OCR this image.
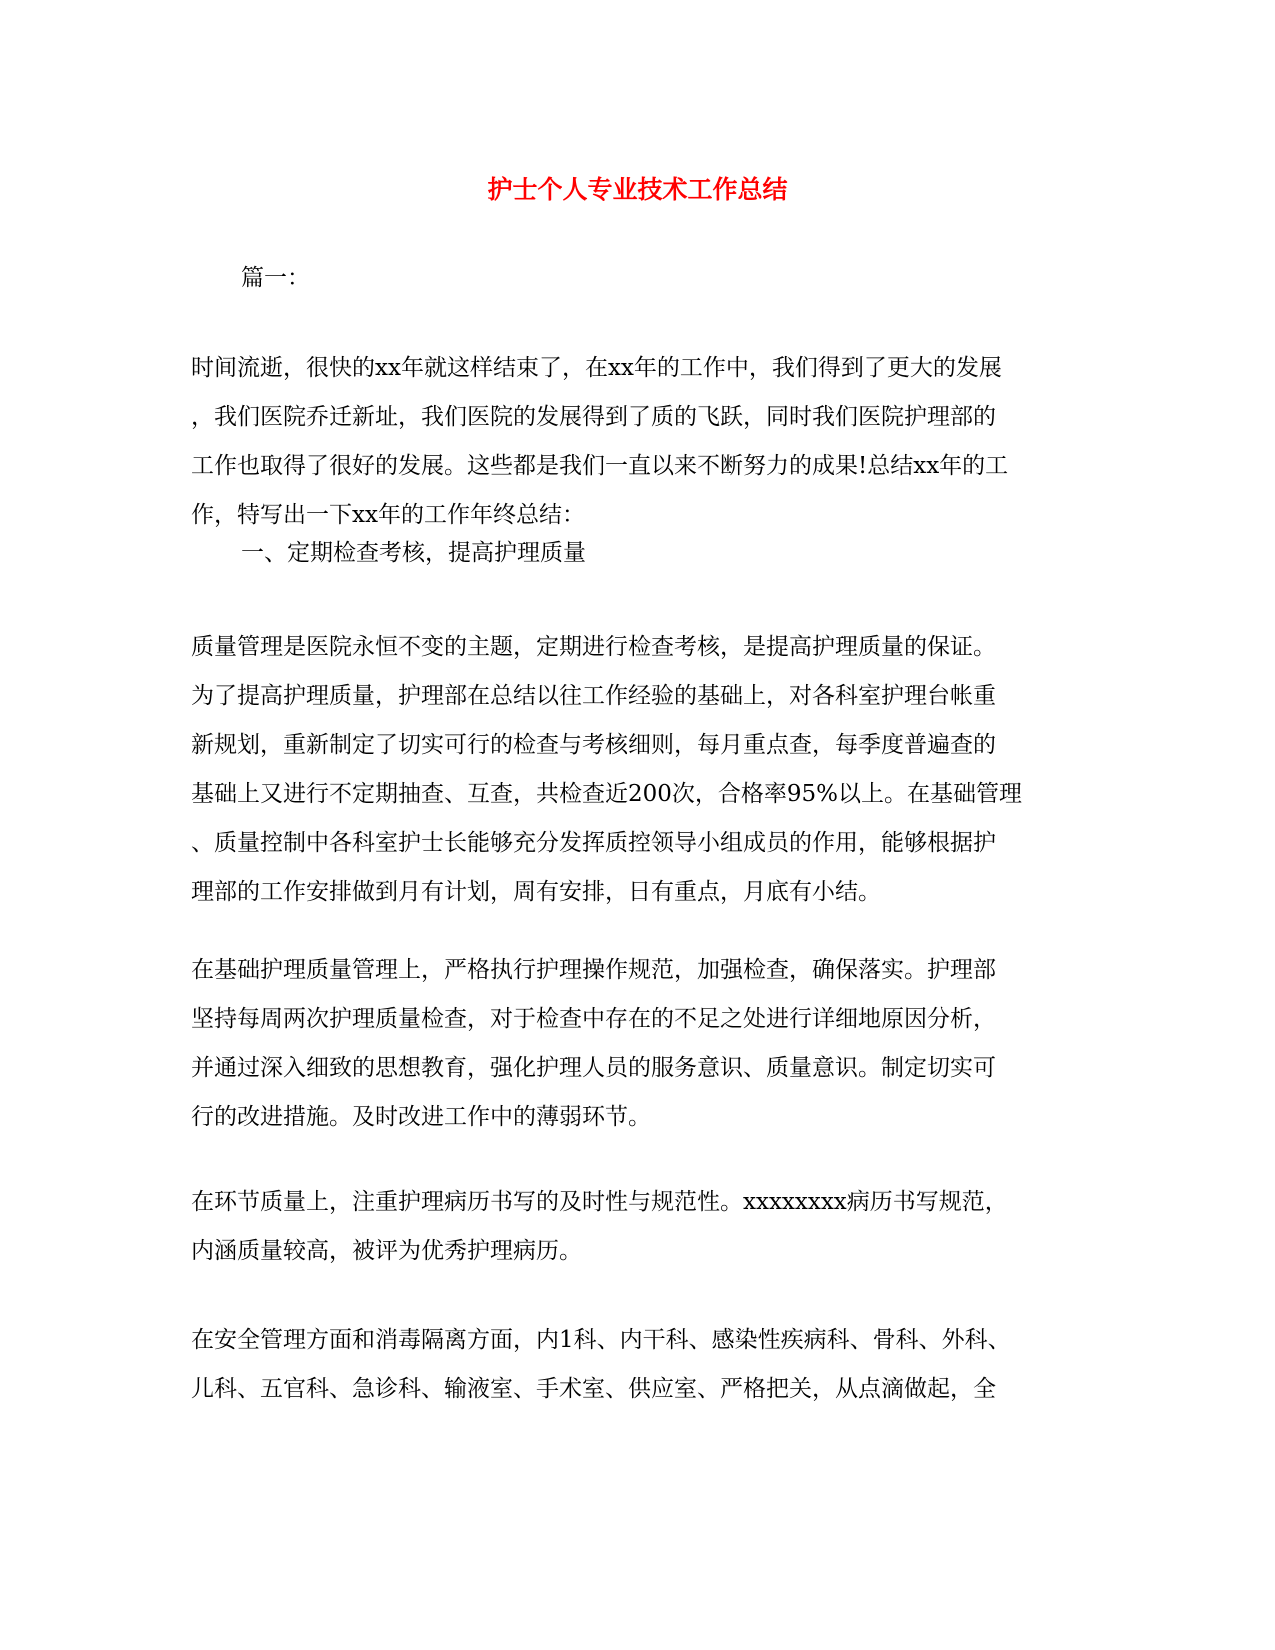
护士个人专业技术工作总结

篇一：

时间流逝，很快的xx年就这样结束了，在xx年的工作中，我们得到了更大的发展
，我们医院乔迁新址，我们医院的发展得到了质的飞跃，同时我们医院护理部的
工作也取得了很好的发展。这些都是我们一直以来不断努力的成果!总结xx年的工
作，特写出一下xx年的工作年终总结：

一、定期检查考核，提高护理质量

质量管理是医院永恒不变的主题，定期进行检查考核，是提高护理质量的保证。
为了提高护理质量，护理部在总结以往工作经验的基础上，对各科室护理台帐重
新规划，重新制定了切实可行的检查与考核细则，每月重点查，每季度普遍查的
基础上又进行不定期抽查、互查，共检查近200次，合格率95%以上。在基础管理
、质量控制中各科室护士长能够充分发挥质控领导小组成员的作用，能够根据护
理部的工作安排做到月有计划，周有安排，日有重点，月底有小结。

在基础护理质量管理上，严格执行护理操作规范，加强检查，确保落实。护理部
坚持每周两次护理质量检查，对于检查中存在的不足之处进行详细地原因分析，
并通过深入细致的思想教育，强化护理人员的服务意识、质量意识。制定切实可
行的改进措施。及时改进工作中的薄弱环节。

在环节质量上，注重护理病历书写的及时性与规范性。xxxxxxxx病历书写规范，
内涵质量较高，被评为优秀护理病历。

在安全管理方面和消毒隔离方面，内1科、内干科、感染性疾病科、骨科、外科、
儿科、五官科、急诊科、输液室、手术室、供应室、严格把关，从点滴做起，全
